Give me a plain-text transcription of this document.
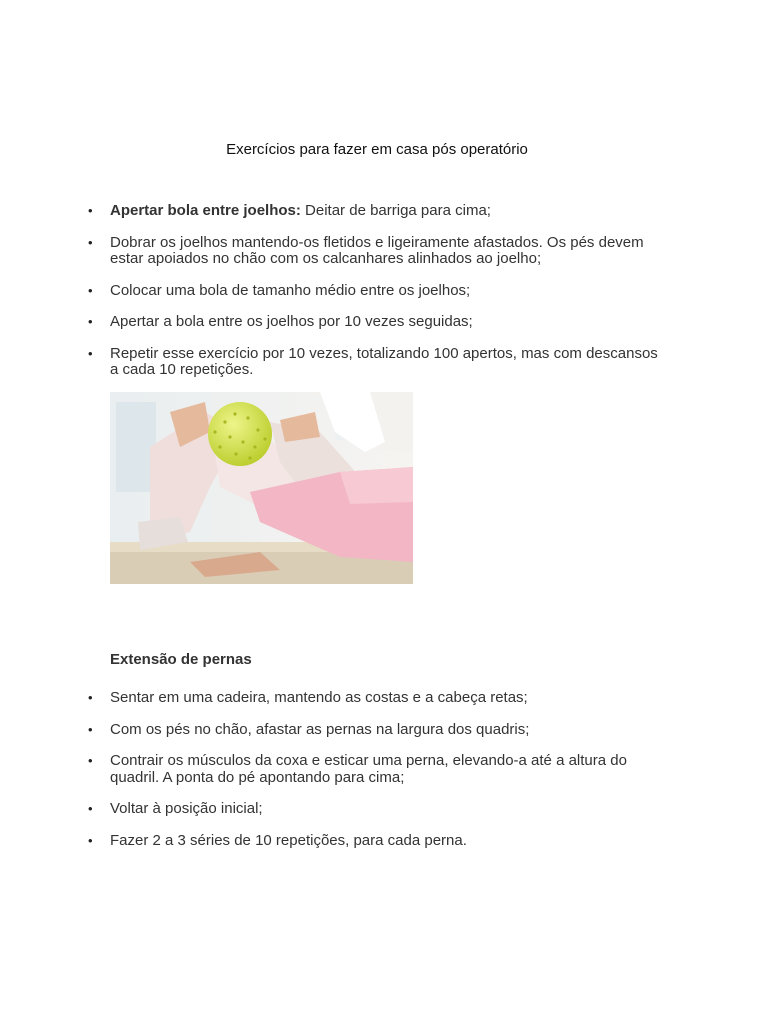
Exercícios para fazer em casa pós operatório
• Apertar bola entre joelhos: Deitar de barriga para cima;
• Dobrar os joelhos mantendo-os fletidos e ligeiramente afastados. Os pés devem estar apoiados no chão com os calcanhares alinhados ao joelho;
• Colocar uma bola de tamanho médio entre os joelhos;
• Apertar a bola entre os joelhos por 10 vezes seguidas;
• Repetir esse exercício por 10 vezes, totalizando 100 apertos, mas com descansos a cada 10 repetições.
Extensão de pernas
• Sentar em uma cadeira, mantendo as costas e a cabeça retas;
• Com os pés no chão, afastar as pernas na largura dos quadris;
• Contrair os músculos da coxa e esticar uma perna, elevando-a até a altura do quadril. A ponta do pé apontando para cima;
• Voltar à posição inicial;
• Fazer 2 a 3 séries de 10 repetições, para cada perna.
